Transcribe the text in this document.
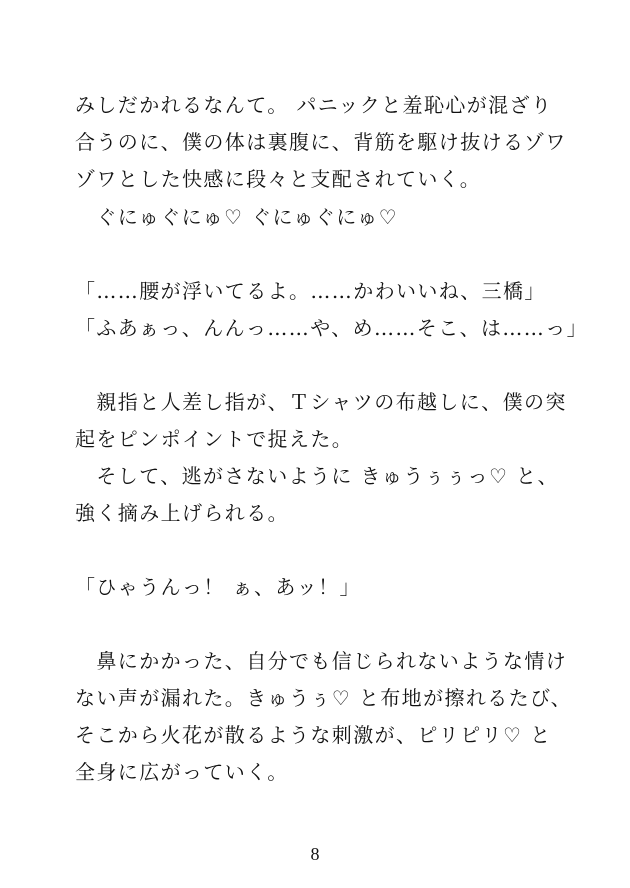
みしだかれるなんて。 パニックと羞恥心が混ざり
合うのに、僕の体は裏腹に、背筋を駆け抜けるゾワ
ゾワとした快感に段々と支配されていく。
　ぐにゅぐにゅ♡ ぐにゅぐにゅ♡
「……腰が浮いてるよ。……かわいいね、三橋」
「ふあぁっ、んんっ……や、め……そこ、は……っ」
　親指と人差し指が、Ｔシャツの布越しに、僕の突
起をピンポイントで捉えた。
　そして、逃がさないように きゅうぅぅっ♡ と、
強く摘み上げられる。
「ひゃうんっ！ ぁ、あッ！」
　鼻にかかった、自分でも信じられないような情け
ない声が漏れた。きゅうぅ♡ と布地が擦れるたび、
そこから火花が散るような刺激が、ピリピリ♡ と
全身に広がっていく。
8
